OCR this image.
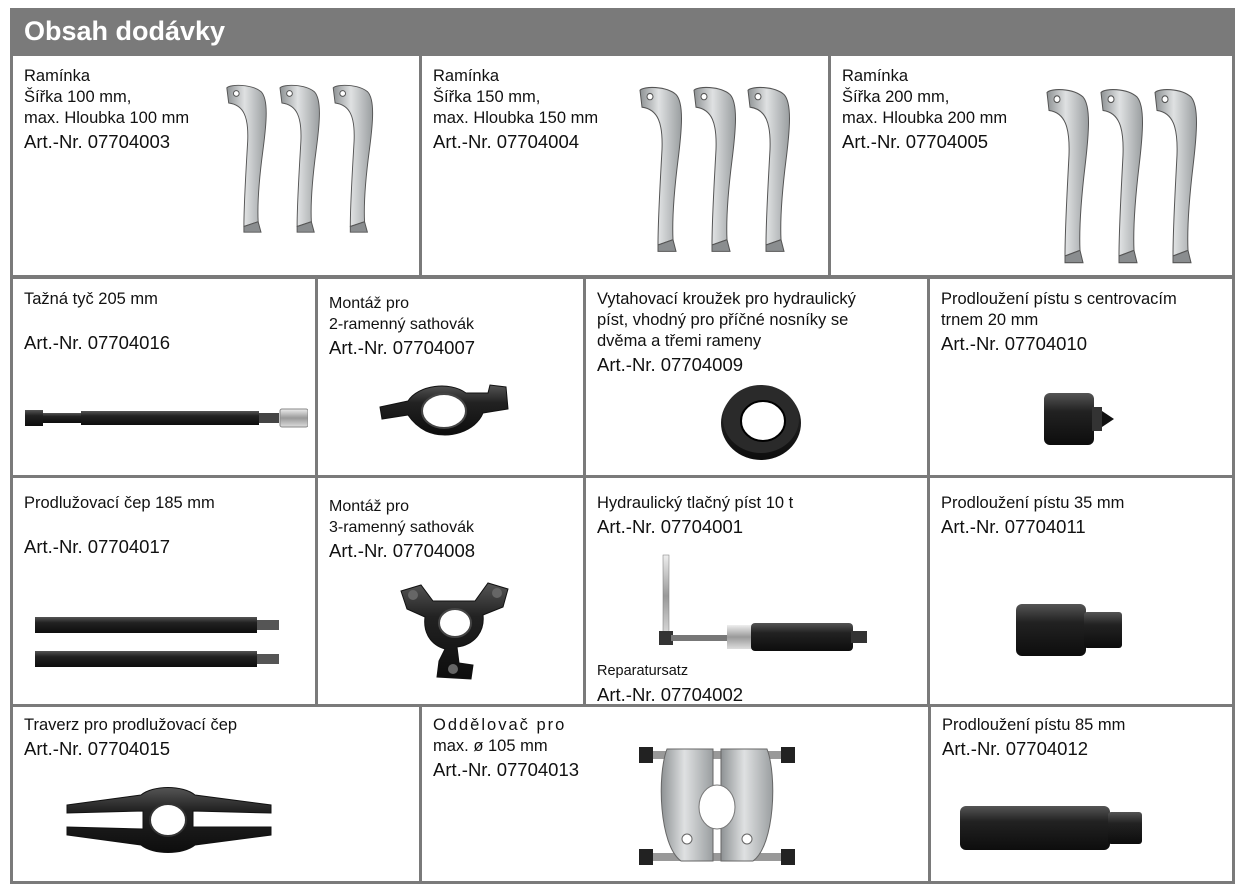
Obsah dodávky
Ramínka
Šířka 100 mm,
max. Hloubka 100 mm
Art.-Nr. 07704003
Ramínka
Šířka 150 mm,
max. Hloubka 150 mm
Art.-Nr. 07704004
Ramínka
Šířka 200 mm,
max. Hloubka 200 mm
Art.-Nr. 07704005
Tažná tyč 205 mm
Art.-Nr. 07704016
Montáž pro
2-ramenný sathovák
Art.-Nr. 07704007
Vytahovací kroužek pro hydraulický
píst, vhodný pro příčné nosníky se
dvěma a třemi rameny
Art.-Nr. 07704009
Prodloužení pístu s centrovacím
trnem 20 mm
Art.-Nr. 07704010
Prodlužovací čep 185 mm
Art.-Nr. 07704017
Montáž pro
3-ramenný sathovák
Art.-Nr. 07704008
Hydraulický tlačný píst 10 t
Art.-Nr. 07704001
Reparatursatz
Art.-Nr. 07704002
Prodloužení pístu 35 mm
Art.-Nr. 07704011
Traverz pro prodlužovací čep
Art.-Nr. 07704015
Oddělovač pro
max. ø 105 mm
Art.-Nr. 07704013
Prodloužení pístu 85 mm
Art.-Nr. 07704012
